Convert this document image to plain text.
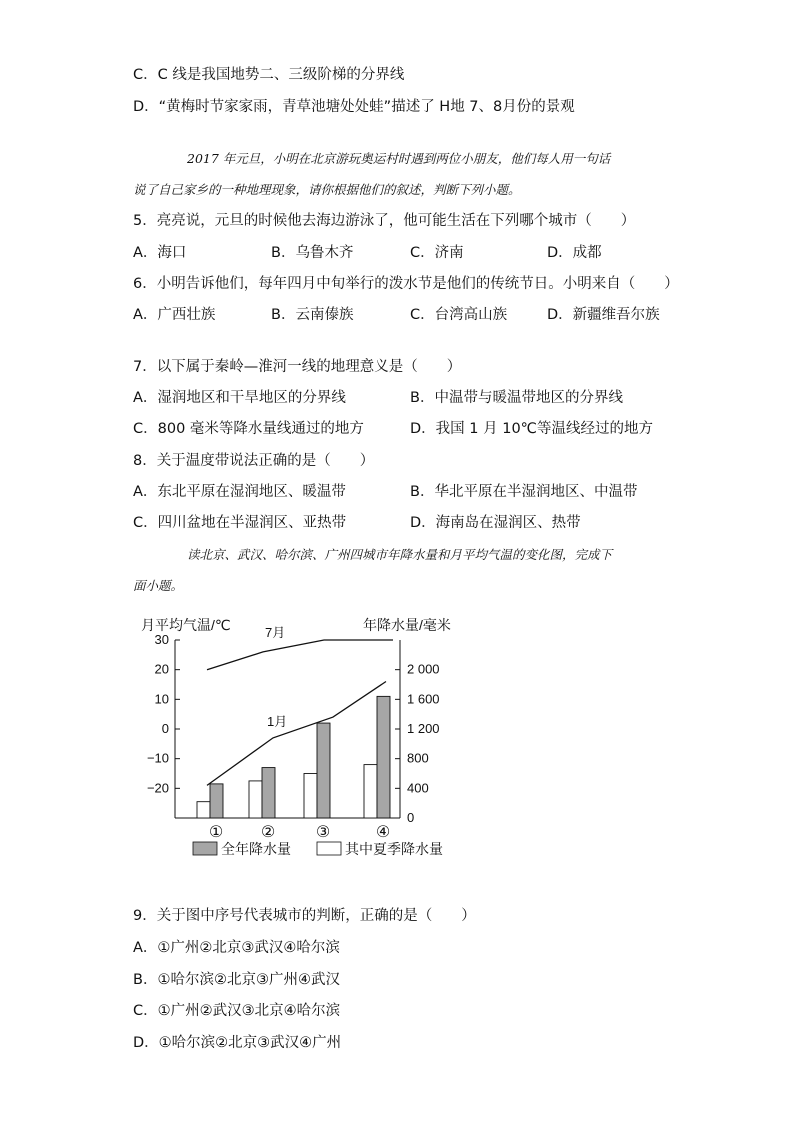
C．C 线是我国地势二、三级阶梯的分界线
D．“黄梅时节家家雨，青草池塘处处蛙”描述了 H地 7、8月份的景观
2017 年元旦，小明在北京游玩奥运村时遇到两位小朋友，他们每人用一句话
说了自己家乡的一种地理现象，请你根据他们的叙述，判断下列小题。
5．亮亮说，元旦的时候他去海边游泳了，他可能生活在下列哪个城市（　　）
A．海口	B．乌鲁木齐	C．济南	D．成都
6．小明告诉他们，每年四月中旬举行的泼水节是他们的传统节日。小明来自（　　）
A．广西壮族	B．云南傣族	C．台湾高山族	D．新疆维吾尔族
7．以下属于秦岭—淮河一线的地理意义是（　　）
A．湿润地区和干旱地区的分界线	B．中温带与暖温带地区的分界线
C．800 毫米等降水量线通过的地方	D．我国 1 月 10℃等温线经过的地方
8．关于温度带说法正确的是（　　）
A．东北平原在湿润地区、暖温带	B．华北平原在半湿润地区、中温带
C．四川盆地在半湿润区、亚热带	D．海南岛在湿润区、热带
读北京、武汉、哈尔滨、广州四城市年降水量和月平均气温的变化图，完成下
面小题。
月平均气温/℃	年降水量/毫米
30
20
10
0
−10
−20
2 000
1 600
1 200
800
400
0
① ②	③	④
7月
1月
全年降水量	其中夏季降水量
9．关于图中序号代表城市的判断，正确的是（　　）
A．①广州②北京③武汉④哈尔滨
B．①哈尔滨②北京③广州④武汉
C．①广州②武汉③北京④哈尔滨
D．①哈尔滨②北京③武汉④广州
